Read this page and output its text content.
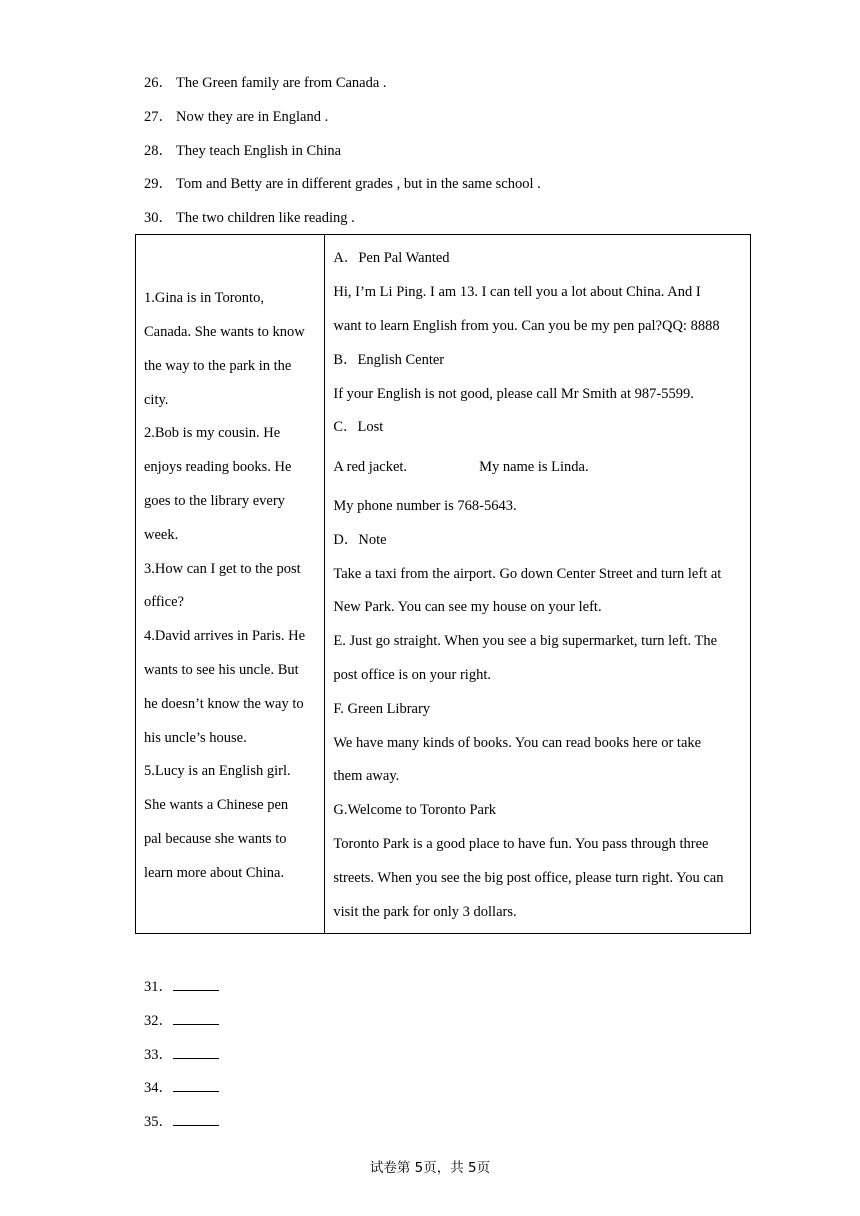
26． The Green family are from Canada .
27． Now they are in England .
28． They teach English in China
29． Tom and Betty are in different grades , but in the same school .
30． The two children like reading .
1.Gina is in Toronto,
Canada. She wants to know
the way to the park in the
city.
2.Bob is my cousin. He
enjoys reading books. He
goes to the library every
week.
3.How can I get to the post
office?
4.David arrives in Paris. He
wants to see his uncle. But
he doesn’t know the way to
his uncle’s house.
5.Lucy is an English girl.
She wants a Chinese pen
pal because she wants to
learn more about China.

A．Pen Pal Wanted
Hi, I’m Li Ping. I am 13. I can tell you a lot about China. And I
want to learn English from you. Can you be my pen pal?QQ: 8888
B．English Center
If your English is not good, please call Mr Smith at 987-5599.
C．Lost
A red jacket.	My name is Linda.
My phone number is 768-5643.
D．Note
Take a taxi from the airport. Go down Center Street and turn left at
New Park. You can see my house on your left.
E. Just go straight. When you see a big supermarket, turn left. The
post office is on your right.
F. Green Library
We have many kinds of books. You can read books here or take
them away.
G.Welcome to Toronto Park
Toronto Park is a good place to have fun. You pass through three
streets. When you see the big post office, please turn right. You can
visit the park for only 3 dollars.
31．
32．
33．
34．
35．
试卷第 5页，共 5页
